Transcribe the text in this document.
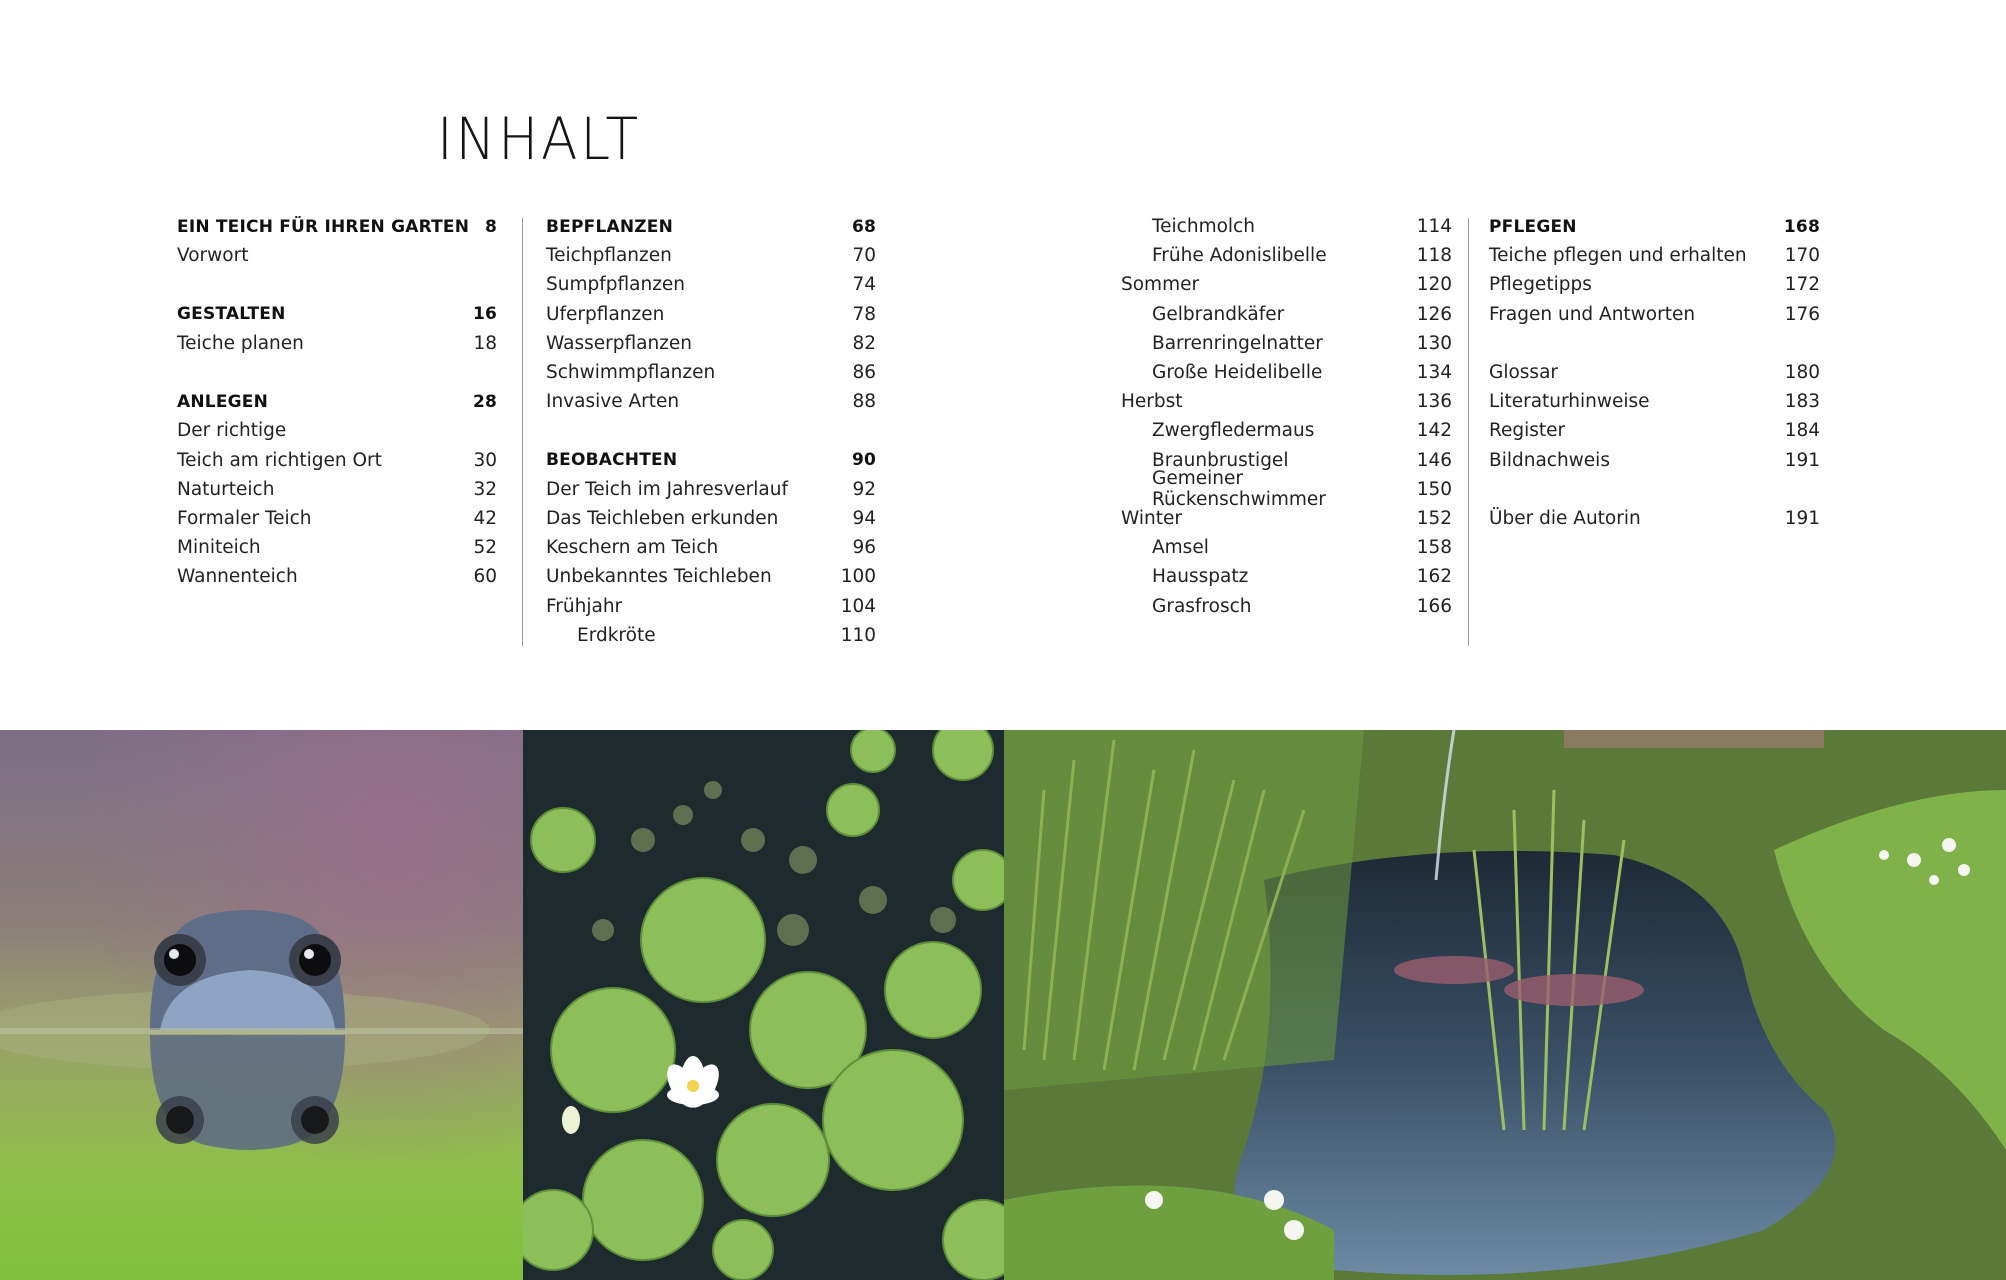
INHALT
EIN TEICH FÜR IHREN GARTEN 8
Vorwort
GESTALTEN	16
Teiche planen	18
ANLEGEN	28
Der richtige
Teich am richtigen Ort	30
Naturteich	32
Formaler Teich	42
Miniteich	52
Wannenteich	60
BEPFLANZEN	68
Teichpflanzen	70
Sumpfpflanzen	74
Uferpflanzen	78
Wasserpflanzen	82
Schwimmpflanzen	86
Invasive Arten	88
BEOBACHTEN	90
Der Teich im Jahresverlauf	92
Das Teichleben erkunden	94
Keschern am Teich	96
Unbekanntes Teichleben	100
Frühjahr	104
Erdkröte	110
Teichmolch	114
Frühe Adonislibelle	118
Sommer	120
Gelbrandkäfer	126
Barrenringelnatter	130
Große Heidelibelle	134
Herbst	136
Zwergfledermaus	142
Braunbrustigel	146
Gemeiner Rückenschwimmer	150
Winter	152
Amsel	158
Hausspatz	162
Grasfrosch	166
PFLEGEN	168
Teiche pflegen und erhalten 170
Pflegetipps	172
Fragen und Antworten	176
Glossar	180
Literaturhinweise	183
Register	184
Bildnachweis	191
Über die Autorin	191
